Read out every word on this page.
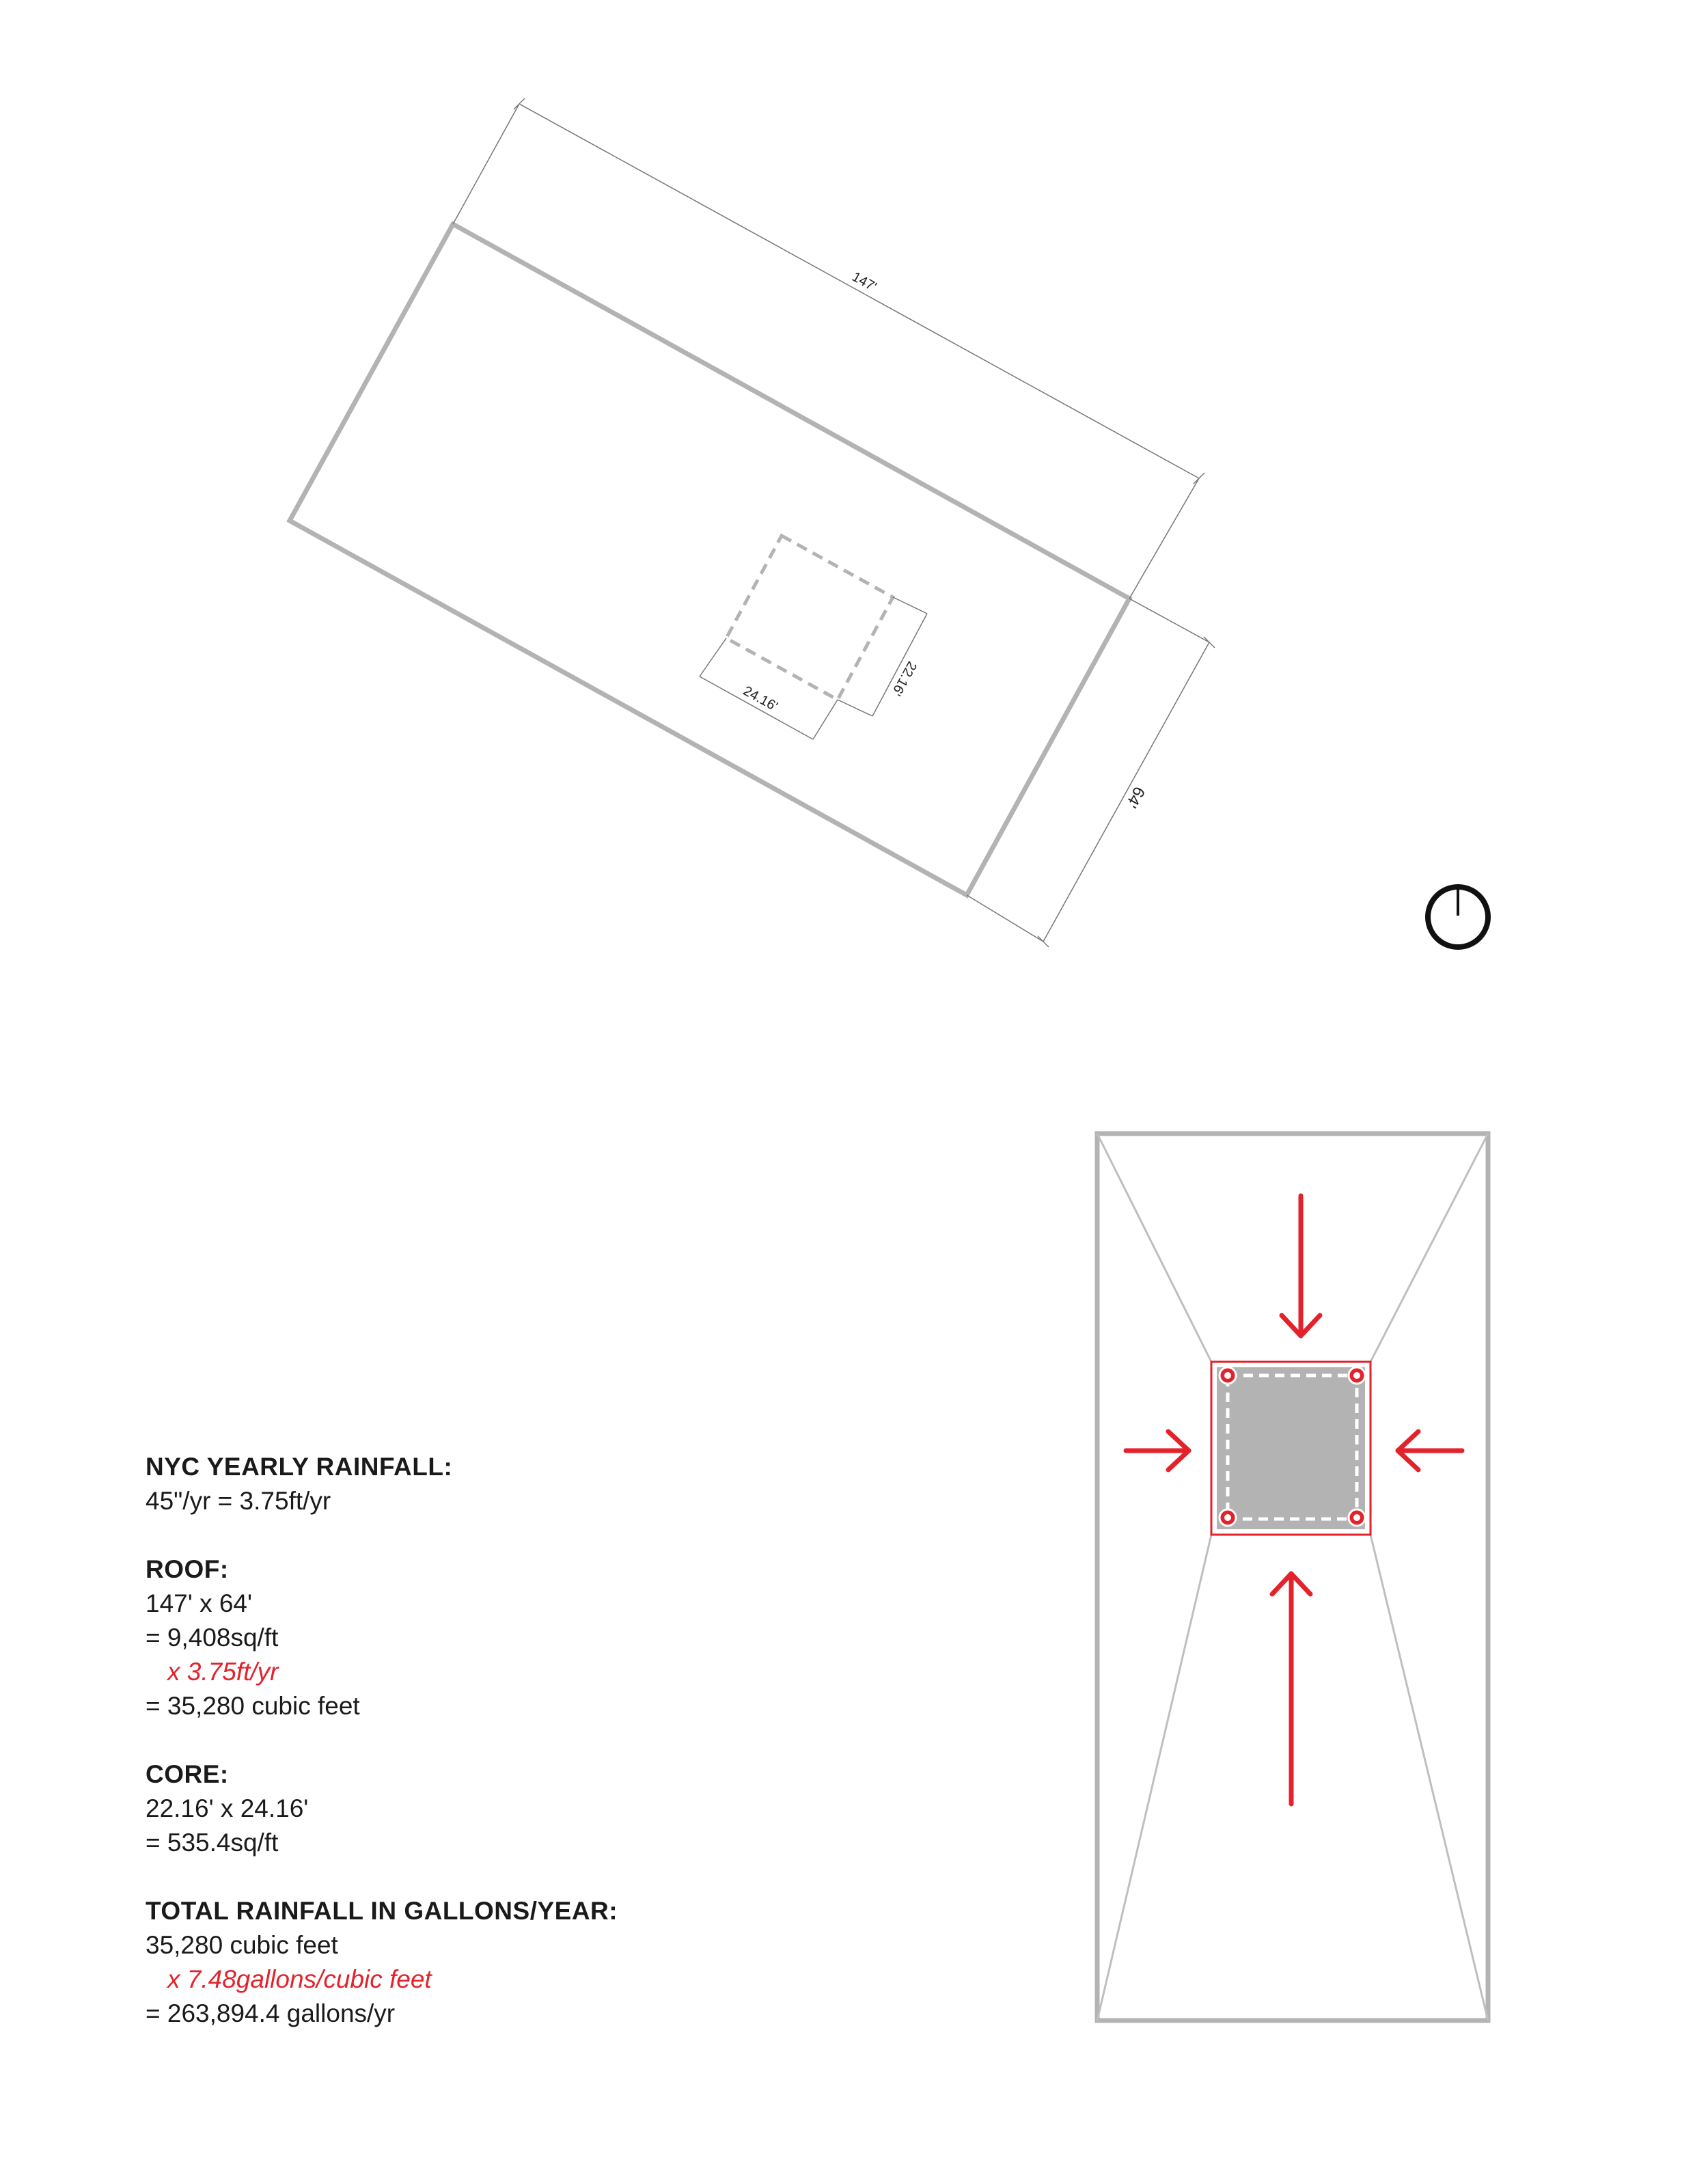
147'
64'
24.16'
22.16'
NYC YEARLY RAINFALL:
45"/yr = 3.75ft/yr
ROOF:
147' x 64'
= 9,408sq/ft
x 3.75ft/yr
= 35,280 cubic feet
CORE:
22.16' x 24.16'
= 535.4sq/ft
TOTAL RAINFALL IN GALLONS/YEAR:
35,280 cubic feet
x 7.48gallons/cubic feet
= 263,894.4 gallons/yr
